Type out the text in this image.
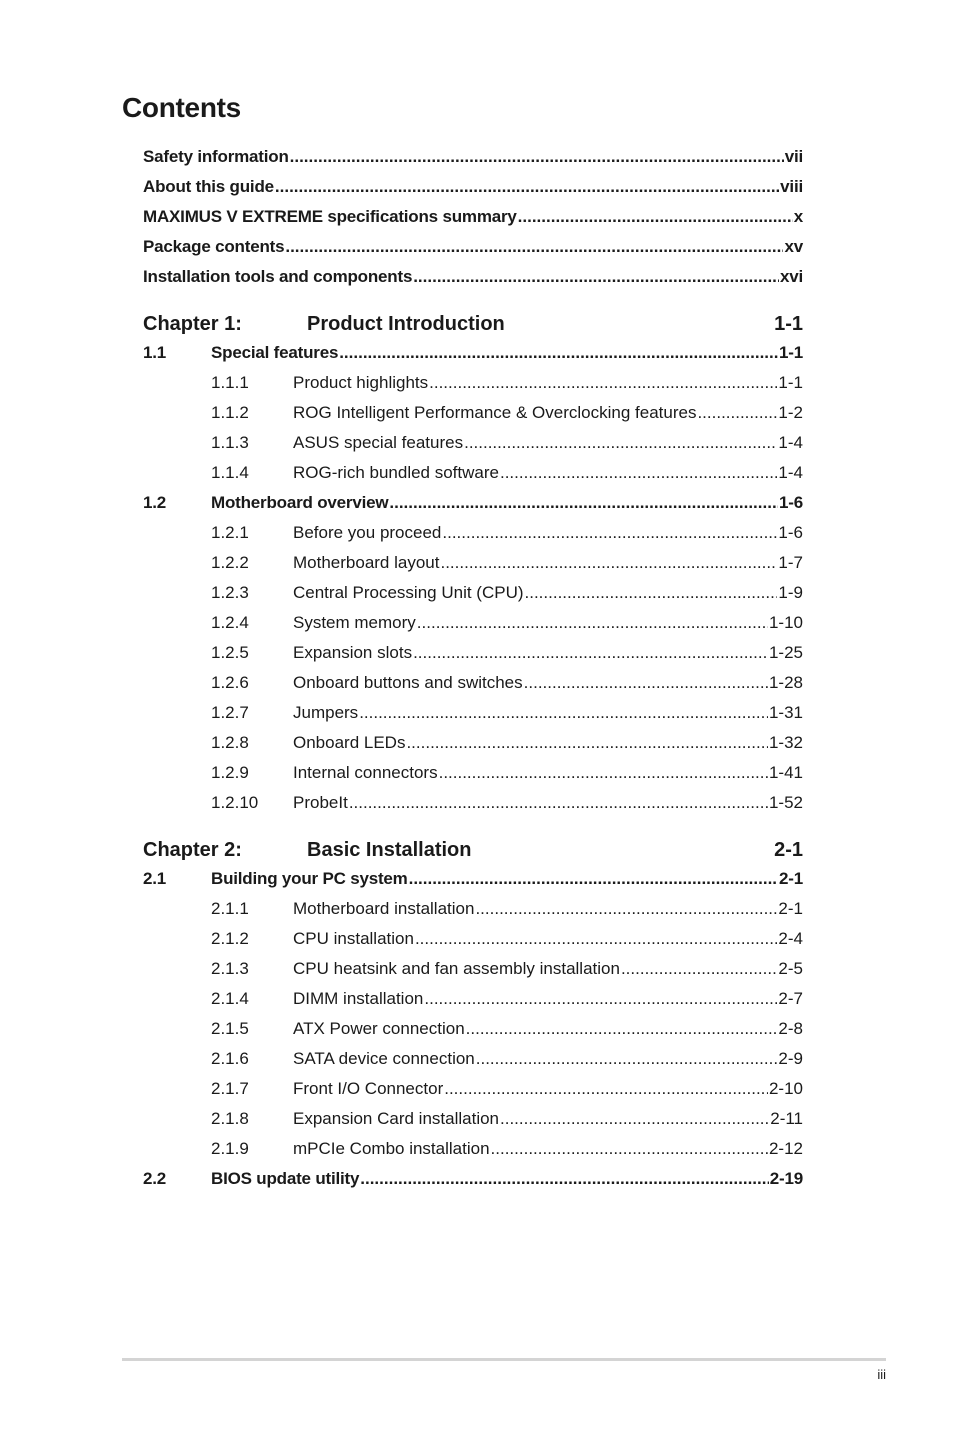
Contents
Safety information .....	vii
About this guide .....	viii
MAXIMUS V EXTREME specifications summary .....	x
Package contents .....	xv
Installation tools and components .....	xvi
Chapter 1:	Product Introduction	1-1
1.1	Special features .....	1-1
1.1.1	Product highlights .....	1-1
1.1.2	ROG Intelligent Performance & Overclocking features .....	1-2
1.1.3	ASUS special features .....	1-4
1.1.4	ROG-rich bundled software .....	1-4
1.2	Motherboard overview .....	1-6
1.2.1	Before you proceed .....	1-6
1.2.2	Motherboard layout .....	1-7
1.2.3	Central Processing Unit (CPU) .....	1-9
1.2.4	System memory .....	1-10
1.2.5	Expansion slots .....	1-25
1.2.6	Onboard buttons and switches .....	1-28
1.2.7	Jumpers .....	1-31
1.2.8	Onboard LEDs .....	1-32
1.2.9	Internal connectors .....	1-41
1.2.10	ProbeIt .....	1-52
Chapter 2:	Basic Installation	2-1
2.1	Building your PC system .....	2-1
2.1.1	Motherboard installation .....	2-1
2.1.2	CPU installation .....	2-4
2.1.3	CPU heatsink and fan assembly installation .....	2-5
2.1.4	DIMM installation .....	2-7
2.1.5	ATX Power connection .....	2-8
2.1.6	SATA device connection .....	2-9
2.1.7	Front I/O Connector .....	2-10
2.1.8	Expansion Card installation .....	2-11
2.1.9	mPCIe Combo installation .....	2-12
2.2	BIOS update utility .....	2-19
iii
